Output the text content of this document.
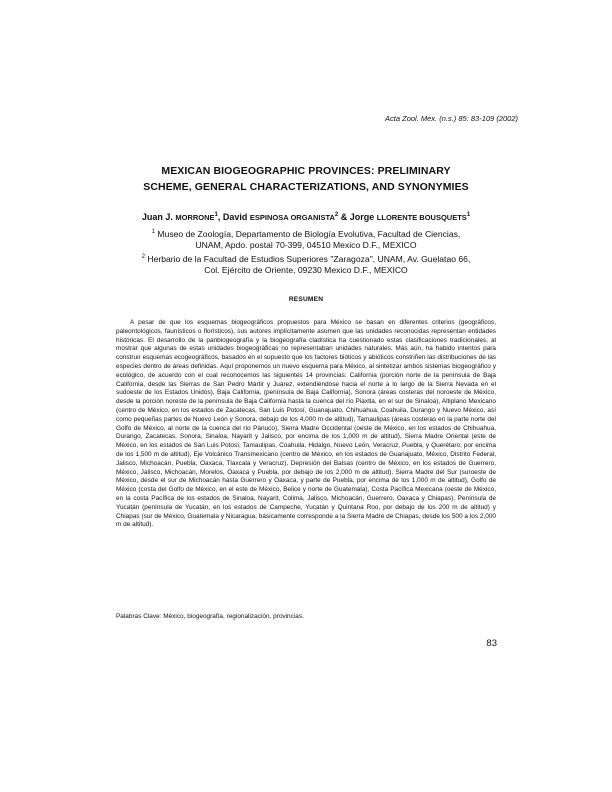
Acta Zool. Mex. (n.s.) 85: 83-109 (2002)
MEXICAN BIOGEOGRAPHIC PROVINCES: PRELIMINARY
SCHEME, GENERAL CHARACTERIZATIONS, AND SYNONYMIES
Juan J. MORRONE$^1$, David ESPINOSA ORGANISTA$^2$ & Jorge LLORENTE BOUSQUETS$^1$
$^1$ Museo de Zoología, Departamento de Biología Evolutiva, Facultad de Ciencias,
UNAM, Apdo. postal 70-399, 04510 Mexico D.F., MEXICO
$^2$ Herbario de la Facultad de Estudios Superiores "Zaragoza", UNAM, Av. Guelatao 66,
Col. Ejército de Oriente, 09230 Mexico D.F., MEXICO
RESUMEN

A pesar de que los esquemas biogeográficos propuestos para México se basan en diferentes criterios (geográficos, paleontológicos, faunísticos o florísticos), sus autores implícitamente asumen que las unidades reconocidas representan entidades históricas. El desarrollo de la panbiogeografía y la biogeografía cladística ha cuestionado estas clasificaciones tradicionales, al mostrar que algunas de estas unidades biogeográficas no representaban unidades naturales. Más aún, ha habido intentos para construir esquemas ecogeográficos, basados en el supuesto que los factores bióticos y abióticos constriñen las distribuciones de las especies dentro de áreas definidas. Aquí proponemos un nuevo esquema para México, al sintetizar ambos sistemas biogeográfico y ecológico, de acuerdo con el cual reconocemos las siguientes 14 provincias: California (porción norte de la península de Baja California, desde las Sierras de San Pedro Mártir y Juárez, extendiéndose hacia el norte a lo largo de la Sierra Nevada en el sudoeste de los Estados Unidos), Baja California, (península de Baja California), Sonora (áreas costeras del noroeste de México, desde la porción noreste de la península de Baja California hasta la cuenca del río Piaxtla, en el sur de Sinaloa), Altiplano Mexicano (centro de México, en los estados de Zacatecas, San Luis Potosí, Guanajuato, Chihuahua, Coahuila, Durango y Nuevo México, así como pequeñas partes de Nuevo León y Sonora, debajo de los 4,000 m de altitud), Tamaulipas (áreas costeras en la parte norte del Golfo de México, al norte de la cuenca del río Pánuco), Sierra Madre Occidental (oeste de México, en los estados de Chihuahua, Durango, Zacatecas, Sonora, Sinaloa, Nayarit y Jalisco, por encima de los 1,000 m de altitud), Sierra Madre Oriental (este de México, en los estados de San Luis Potosí, Tamaulipas, Coahuila, Hidalgo, Nuevo León, Veracruz, Puebla, y Querétaro, por encima de los 1,500 m de altitud), Eje Volcánico Transmexicano (centro de México, en los estados de Guanajuato, México, Distrito Federal, Jalisco, Michoacán, Puebla, Oaxaca, Tlaxcala y Veracruz), Depresión del Balsas (centro de México, en los estados de Guerrero, México, Jalisco, Michoacán, Morelos, Oaxaca y Puebla, por debajo de los 2,000 m de altitud), Sierra Madre del Sur (suroeste de México, desde el sur de Michoacán hasta Guerrero y Oaxaca, y parte de Puebla, por encima de los 1,000 m de altitud), Golfo de México (costa del Golfo de México, en el este de México, Belice y norte de Guatemala), Costa Pacífica Mexicana (oeste de México, en la costa Pacífica de los estados de Sinaloa, Nayarit, Colima, Jalisco, Michoacán, Guerrero, Oaxaca y Chiapas), Península de Yucatán (península de Yucatán, en los estados de Campeche, Yucatán y Quintana Roo, por debajo de los 200 m de altitud) y Chiapas (sur de México, Guatemala y Nicaragua, básicamente corresponde a la Sierra Madre de Chiapas, desde los 500 a los 2,000 m de altitud).

Palabras Clave: México, biogeografía, regionalización, provincias.
83
